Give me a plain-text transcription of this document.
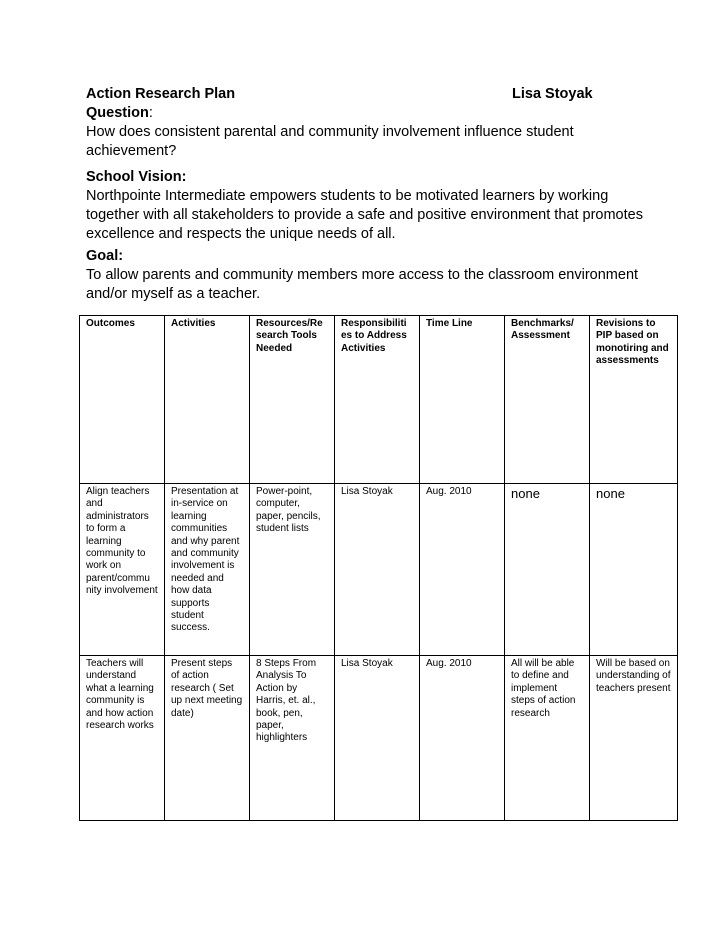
Action Research Plan	Lisa Stoyak
Question:
How does consistent parental and community involvement influence student achievement?
School Vision:
Northpointe Intermediate empowers students to be motivated learners by working together with all stakeholders to provide a safe and positive environment that promotes excellence and respects the unique needs of all.
Goal:
To allow parents and community members more access to the classroom environment and/or myself as a teacher.
Outcomes	Activities	Resources/Re search Tools Needed	Responsibiliti es to Address Activities	Time Line	Benchmarks/ Assessment	Revisions to PIP based on monotiring and assessments
Align teachers and administrators to form a learning community to work on parent/commu nity involvement	Presentation at in-service on learning communities and why parent and community involvement is needed and how data supports student success.	Power-point, computer, paper, pencils, student lists	Lisa Stoyak	Aug. 2010	none	none
Teachers will understand what a learning community is and how action research works	Present steps of action research ( Set up next meeting date)	8 Steps From Analysis To Action by Harris, et. al., book, pen, paper, highlighters	Lisa Stoyak	Aug. 2010	All will be able to define and implement steps of action research	Will be based on understanding of teachers present
